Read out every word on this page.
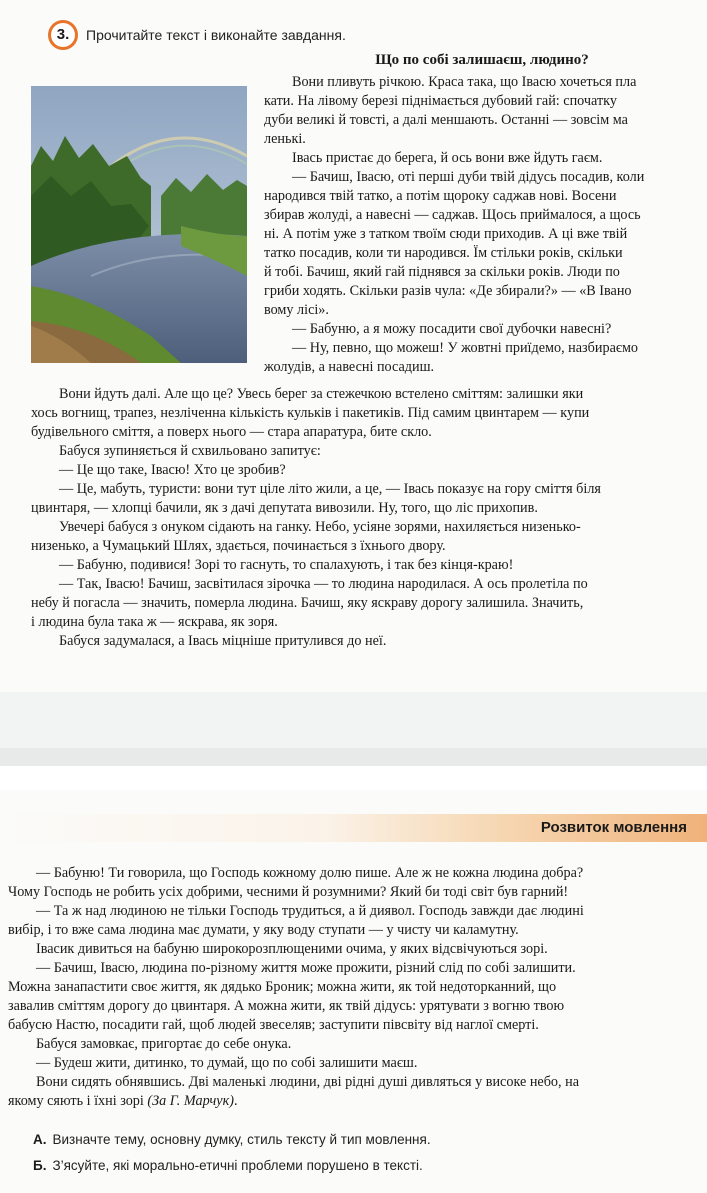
3.	Прочитайте текст і виконайте завдання.
Що по собі залишаєш, людино?
Вони пливуть річкою. Краса така, що Івасю хочеться пла
кати. На лівому березі піднімається дубовий гай: спочатку
дуби великі й товсті, а далі меншають. Останні — зовсім ма
ленькі.
Івась пристає до берега, й ось вони вже йдуть гаєм.
— Бачиш, Івасю, оті перші дуби твій дідусь посадив, коли
народився твій татко, а потім щороку саджав нові. Восени
збирав жолуді, а навесні — саджав. Щось приймалося, а щось
ні. А потім уже з татком твоїм сюди приходив. А ці вже твій
татко посадив, коли ти народився. Їм стільки років, скільки
й тобі. Бачиш, який гай піднявся за скільки років. Люди по
гриби ходять. Скільки разів чула: «Де збирали?» — «В Івано
вому лісі».
— Бабуню, а я можу посадити свої дубочки навесні?
— Ну, певно, що можеш! У жовтні приїдемо, назбираємо
жолудів, а навесні посадиш.
Вони йдуть далі. Але що це? Увесь берег за стежечкою встелено сміттям: залишки яки
хось вогнищ, трапез, незліченна кількість кульків і пакетиків. Під самим цвинтарем — купи
будівельного сміття, а поверх нього — стара апаратура, бите скло.
Бабуся зупиняється й схвильовано запитує:
— Це що таке, Івасю! Хто це зробив?
— Це, мабуть, туристи: вони тут ціле літо жили, а це, — Івась показує на гору сміття біля
цвинтаря, — хлопці бачили, як з дачі депутата вивозили. Ну, того, що ліс прихопив.
Увечері бабуся з онуком сідають на ганку. Небо, усіяне зорями, нахиляється низенько-
низенько, а Чумацький Шлях, здається, починається з їхнього двору.
— Бабуню, подивися! Зорі то гаснуть, то спалахують, і так без кінця-краю!
— Так, Івасю! Бачиш, засвітилася зірочка — то людина народилася. А ось пролетіла по
небу й погасла — значить, померла людина. Бачиш, яку яскраву дорогу залишила. Значить,
і людина була така ж — яскрава, як зоря.
Бабуся задумалася, а Івась міцніше притулився до неї.
Розвиток мовлення
— Бабуню! Ти говорила, що Господь кожному долю пише. Але ж не кожна людина добра?
Чому Господь не робить усіх добрими, чесними й розумними? Який би тоді світ був гарний!
— Та ж над людиною не тільки Господь трудиться, а й диявол. Господь завжди дає людині
вибір, і то вже сама людина має думати, у яку воду ступати — у чисту чи каламутну.
Івасик дивиться на бабуню широкорозплющеними очима, у яких відсвічуються зорі.
— Бачиш, Івасю, людина по-різному життя може прожити, різний слід по собі залишити.
Можна занапастити своє життя, як дядько Броник; можна жити, як той недоторканний, що
завалив сміттям дорогу до цвинтаря. А можна жити, як твій дідусь: урятувати з вогню твою
бабусю Настю, посадити гай, щоб людей звеселяв; заступити півсвіту від наглої смерті.
Бабуся замовкає, пригортає до себе онука.
— Будеш жити, дитинко, то думай, що по собі залишити маєш.
Вони сидять обнявшись. Дві маленькі людини, дві рідні душі дивляться у високе небо, на
якому сяють і їхні зорі (За Г. Марчук).
А. Визначте тему, основну думку, стиль тексту й тип мовлення.
Б. З’ясуйте, які морально-етичні проблеми порушено в тексті.
